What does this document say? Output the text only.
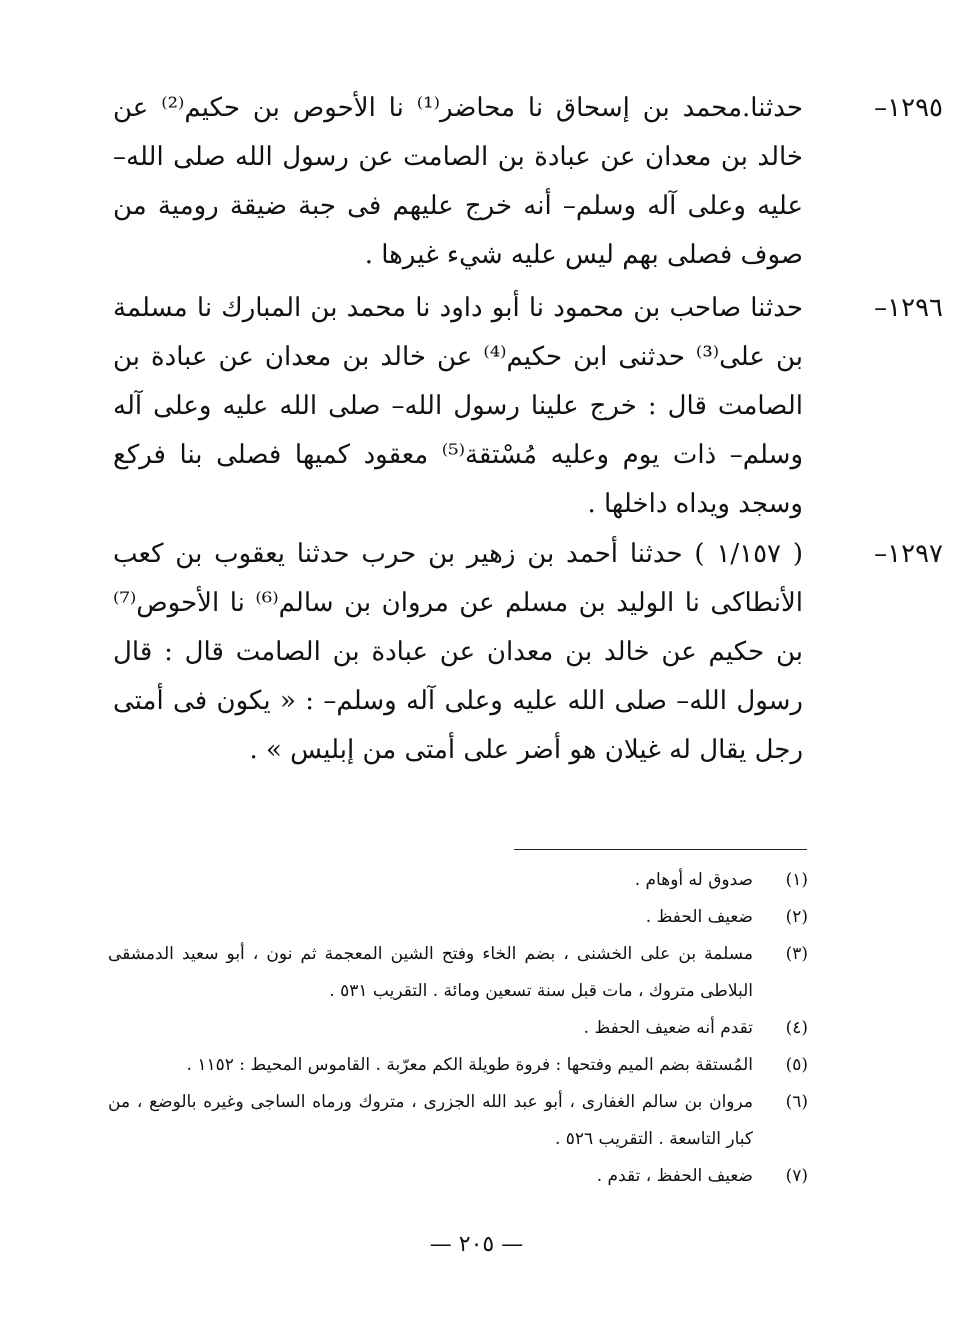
١٢٩٥–

حدثنا.محمد بن إسحاق نا محاضر⁽¹⁾ نا الأحوص بن حكيم⁽²⁾ عن خالد بن معدان عن عبادة بن الصامت عن رسول الله صلى الله– عليه وعلى آله وسلم– أنه خرج عليهم فى جبة ضيقة رومية من صوف فصلى بهم ليس عليه شيء غيرها .

١٢٩٦–

حدثنا صاحب بن محمود نا أبو داود نا محمد بن المبارك نا مسلمة بن على⁽³⁾ حدثنى ابن حكيم⁽⁴⁾ عن خالد بن معدان عن عبادة بن الصامت قال : خرج علينا رسول الله– صلى الله عليه وعلى آله وسلم– ذات يوم وعليه مُسْتقة⁽⁵⁾ معقود كميها فصلى بنا فركع وسجد ويداه داخلها .

١٢٩٧–

( ١/١٥٧ ) حدثنا أحمد بن زهير بن حرب حدثنا يعقوب بن كعب الأنطاكى نا الوليد بن مسلم عن مروان بن سالم⁽⁶⁾ نا الأحوص⁽⁷⁾ بن حكيم عن خالد بن معدان عن عبادة بن الصامت قال : قال رسول الله– صلى الله عليه وعلى آله وسلم– : « يكون فى أمتى رجل يقال له غيلان هو أضر على أمتى من إبليس » .

(١)
صدوق له أوهام .
(٢)
ضعيف الحفظ .
(٣)
مسلمة بن على الخشنى ، بضم الخاء وفتح الشين المعجمة ثم نون ، أبو سعيد الدمشقى البلاطى متروك ، مات قبل سنة تسعين ومائة . التقريب ٥٣١ .
(٤)
تقدم أنه ضعيف الحفظ .
(٥)
المُستقة بضم الميم وفتحها : فروة طويلة الكم معرّبة . القاموس المحيط : ١١٥٢ .
(٦)
مروان بن سالم الغفارى ، أبو عبد الله الجزرى ، متروك ورماه الساجى وغيره بالوضع ، من كبار التاسعة . التقريب ٥٢٦ .
(٧)
ضعيف الحفظ ، تقدم .
— ٢٠٥ —
